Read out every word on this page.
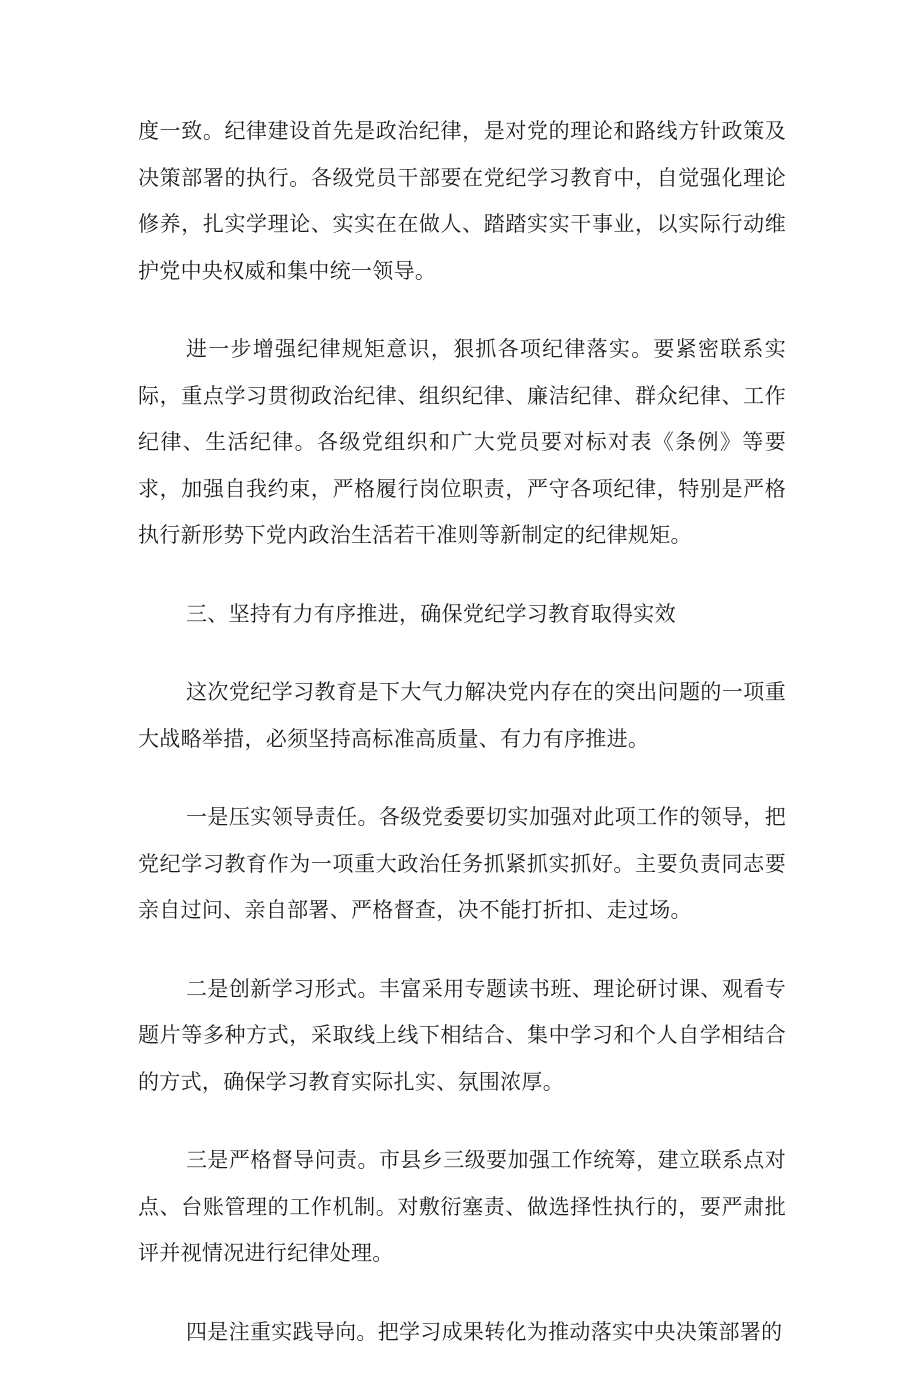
度一致。纪律建设首先是政治纪律，是对党的理论和路线方针政策及决策部署的执行。各级党员干部要在党纪学习教育中，自觉强化理论修养，扎实学理论、实实在在做人、踏踏实实干事业，以实际行动维护党中央权威和集中统一领导。

进一步增强纪律规矩意识，狠抓各项纪律落实。要紧密联系实际，重点学习贯彻政治纪律、组织纪律、廉洁纪律、群众纪律、工作纪律、生活纪律。各级党组织和广大党员要对标对表《条例》等要求，加强自我约束，严格履行岗位职责，严守各项纪律，特别是严格执行新形势下党内政治生活若干准则等新制定的纪律规矩。

三、坚持有力有序推进，确保党纪学习教育取得实效

这次党纪学习教育是下大气力解决党内存在的突出问题的一项重大战略举措，必须坚持高标准高质量、有力有序推进。

一是压实领导责任。各级党委要切实加强对此项工作的领导，把党纪学习教育作为一项重大政治任务抓紧抓实抓好。主要负责同志要亲自过问、亲自部署、严格督查，决不能打折扣、走过场。

二是创新学习形式。丰富采用专题读书班、理论研讨课、观看专题片等多种方式，采取线上线下相结合、集中学习和个人自学相结合的方式，确保学习教育实际扎实、氛围浓厚。

三是严格督导问责。市县乡三级要加强工作统筹，建立联系点对点、台账管理的工作机制。对敷衍塞责、做选择性执行的，要严肃批评并视情况进行纪律处理。

四是注重实践导向。把学习成果转化为推动落实中央决策部署的
